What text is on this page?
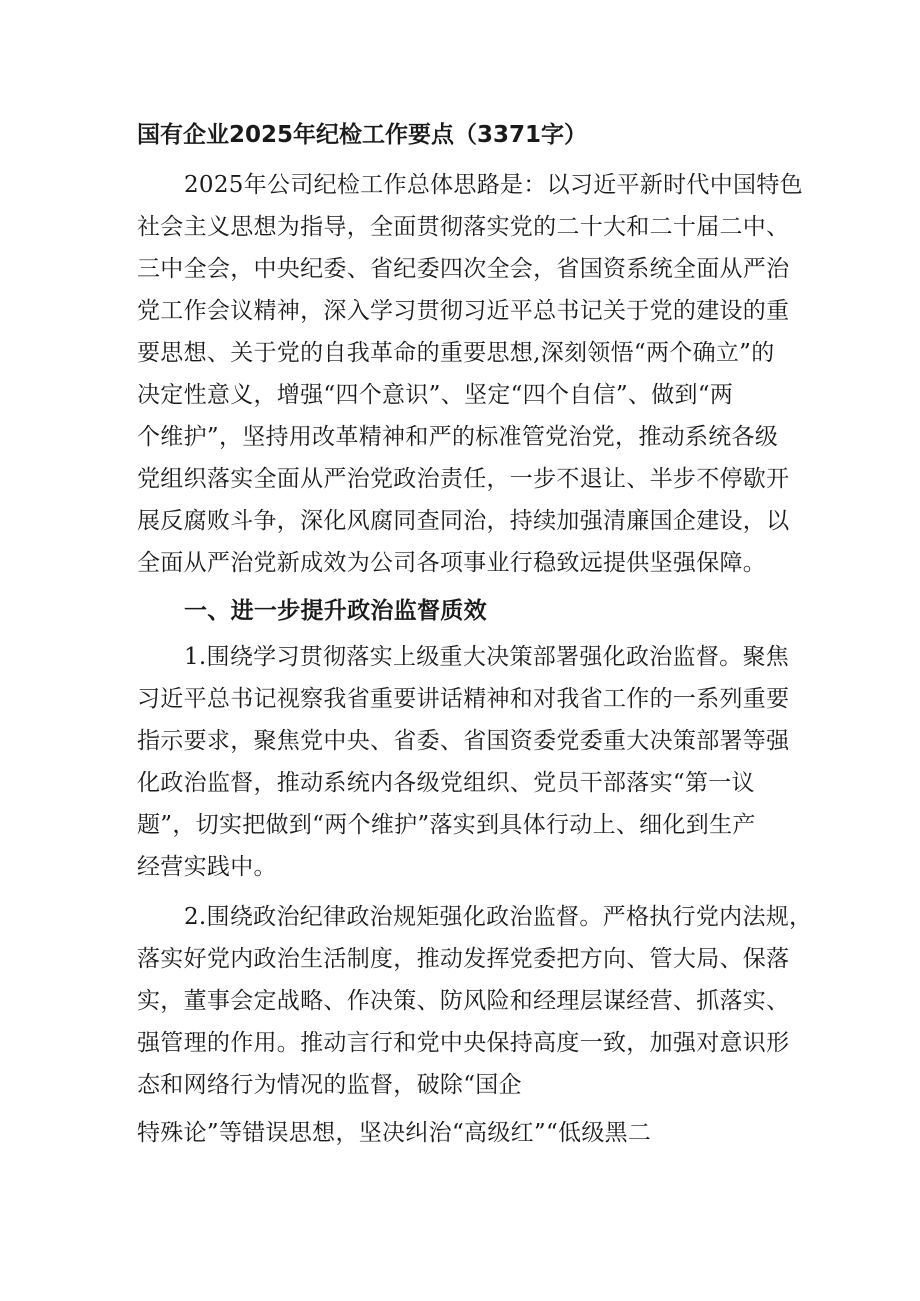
国有企业2025年纪检工作要点（3371字）
2025年公司纪检工作总体思路是：以习近平新时代中国特色
社会主义思想为指导，全面贯彻落实党的二十大和二十届二中、
三中全会，中央纪委、省纪委四次全会，省国资系统全面从严治
党工作会议精神，深入学习贯彻习近平总书记关于党的建设的重
要思想、关于党的自我革命的重要思想,深刻领悟“两个确立”的
决定性意义，增强“四个意识”、坚定“四个自信”、做到“两
个维护”，坚持用改革精神和严的标准管党治党，推动系统各级
党组织落实全面从严治党政治责任，一步不退让、半步不停歇开
展反腐败斗争，深化风腐同查同治，持续加强清廉国企建设，以
全面从严治党新成效为公司各项事业行稳致远提供坚强保障。
一、进一步提升政治监督质效
1.围绕学习贯彻落实上级重大决策部署强化政治监督。聚焦
习近平总书记视察我省重要讲话精神和对我省工作的一系列重要
指示要求，聚焦党中央、省委、省国资委党委重大决策部署等强
化政治监督，推动系统内各级党组织、党员干部落实“第一议
题”，切实把做到“两个维护”落实到具体行动上、细化到生产
经营实践中。
2.围绕政治纪律政治规矩强化政治监督。严格执行党内法规，
落实好党内政治生活制度，推动发挥党委把方向、管大局、保落
实，董事会定战略、作决策、防风险和经理层谋经营、抓落实、
强管理的作用。推动言行和党中央保持高度一致，加强对意识形
态和网络行为情况的监督，破除“国企
特殊论”等错误思想，坚决纠治“高级红”“低级黑二
